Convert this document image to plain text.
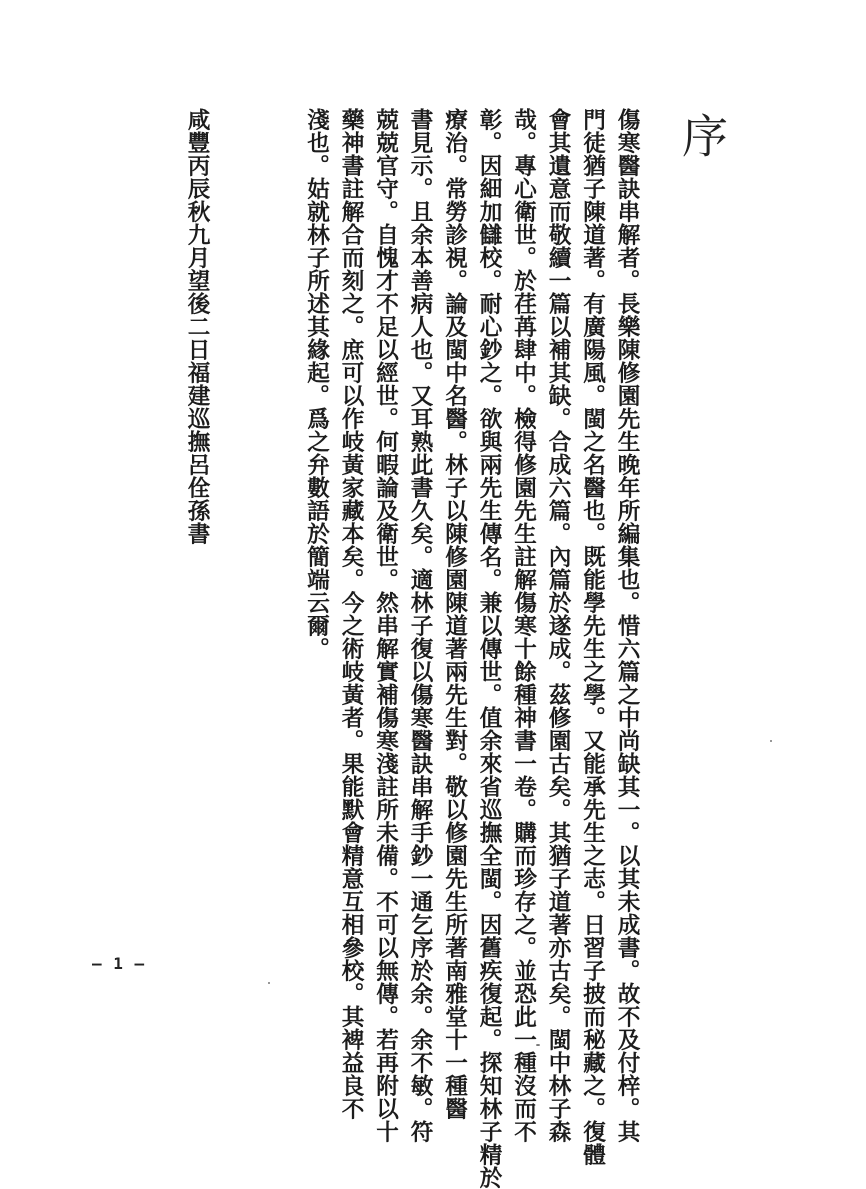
序
傷寒醫訣串解者。長樂陳修園先生晚年所編集也。惜六篇之中尚缺其一。以其未成書。故不及付梓。其
門徒猶子陳道著。有廣陽風。閩之名醫也。既能學先生之學。又能承先生之志。日習子披而秘藏之。復體
會其遺意而敬續一篇以補其缺。合成六篇。內篇於遂成。茲修園古矣。其猶子道著亦古矣。閩中林子森
哉。專心衛世。於荏苒肆中。檢得修園先生註解傷寒十餘種神書一卷。購而珍存之。並恐此一種沒而不
彰。因細加讎校。耐心鈔之。欲與兩先生傳名。兼以傳世。值余來省巡撫全閩。因舊疾復起。探知林子精於
療治。常勞診視。論及閩中名醫。林子以陳修園陳道著兩先生對。敬以修園先生所著南雅堂十一種醫
書見示。且余本善病人也。又耳熟此書久矣。適林子復以傷寒醫訣串解手鈔一通乞序於余。余不敏。符
兢兢官守。自愧才不足以經世。何暇論及衛世。然串解實補傷寒淺註所未備。不可以無傳。若再附以十
藥神書註解合而刻之。庶可以作岐黃家藏本矣。今之術岐黃者。果能默會精意互相參校。其裨益良不
淺也。姑就林子所述其緣起。爲之弁數語於簡端云爾。
咸豐丙辰秋九月望後二日福建巡撫呂佺孫書
— 1 —
